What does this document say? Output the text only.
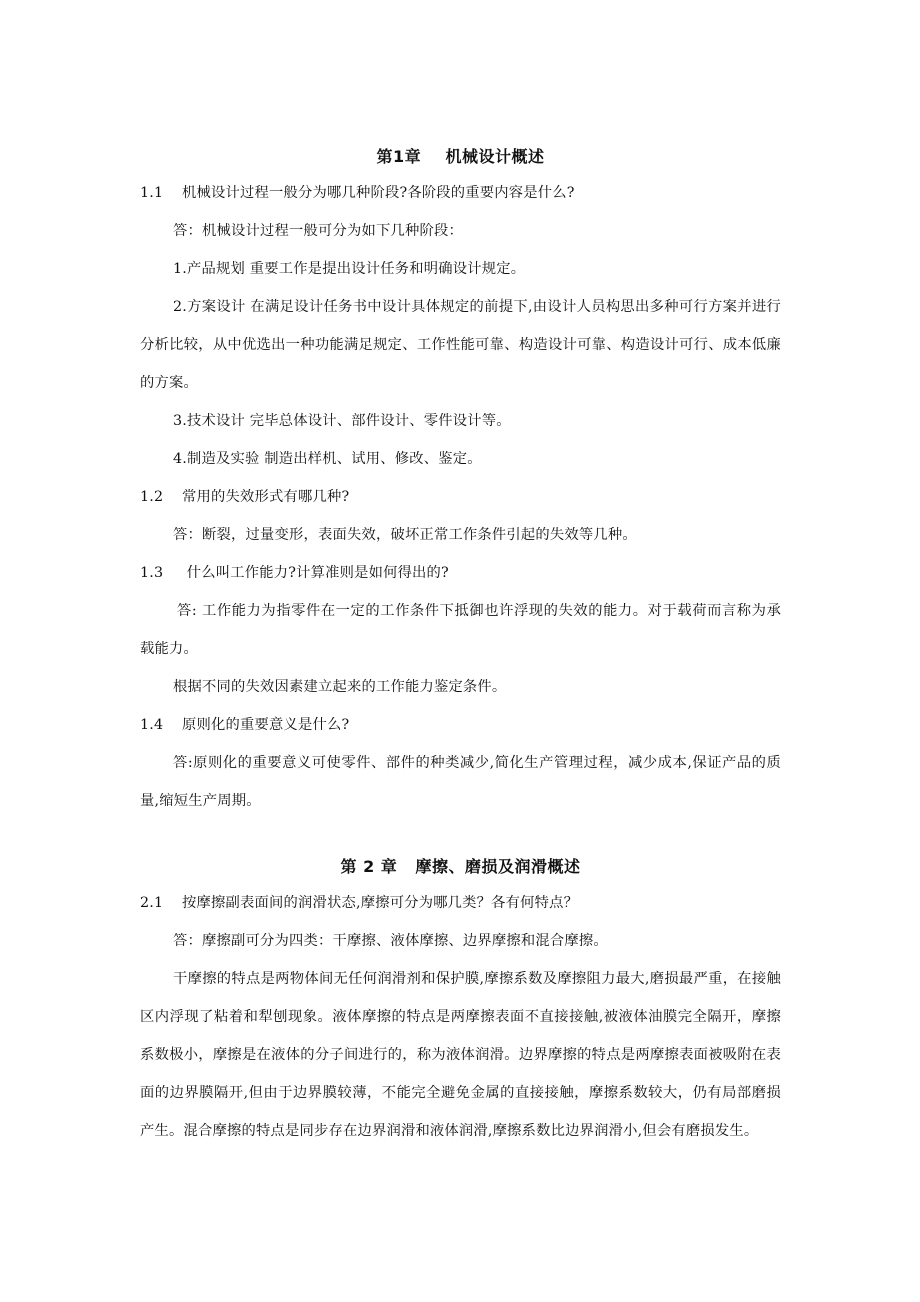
第1章    机械设计概述
1.1 机械设计过程一般分为哪几种阶段?各阶段的重要内容是什么?
答：机械设计过程一般可分为如下几种阶段：
1.产品规划 重要工作是提出设计任务和明确设计规定。
2.方案设计 在满足设计任务书中设计具体规定的前提下,由设计人员构思出多种可行方案并进行分析比较，从中优选出一种功能满足规定、工作性能可靠、构造设计可靠、构造设计可行、成本低廉的方案。
3.技术设计 完毕总体设计、部件设计、零件设计等。
4.制造及实验 制造出样机、试用、修改、鉴定。
1.2 常用的失效形式有哪几种?
答：断裂，过量变形，表面失效，破坏正常工作条件引起的失效等几种。
1.3 什么叫工作能力?计算准则是如何得出的?
答: 工作能力为指零件在一定的工作条件下抵御也许浮现的失效的能力。对于载荷而言称为承载能力。
根据不同的失效因素建立起来的工作能力鉴定条件。
1.4 原则化的重要意义是什么?
答:原则化的重要意义可使零件、部件的种类减少,简化生产管理过程，减少成本,保证产品的质量,缩短生产周期。
第 2 章   摩擦、磨损及润滑概述
2.1 按摩擦副表面间的润滑状态,摩擦可分为哪几类？各有何特点？
答：摩擦副可分为四类：干摩擦、液体摩擦、边界摩擦和混合摩擦。
干摩擦的特点是两物体间无任何润滑剂和保护膜,摩擦系数及摩擦阻力最大,磨损最严重，在接触区内浮现了粘着和犁刨现象。液体摩擦的特点是两摩擦表面不直接接触,被液体油膜完全隔开，摩擦系数极小，摩擦是在液体的分子间进行的，称为液体润滑。边界摩擦的特点是两摩擦表面被吸附在表面的边界膜隔开,但由于边界膜较薄，不能完全避免金属的直接接触，摩擦系数较大，仍有局部磨损产生。混合摩擦的特点是同步存在边界润滑和液体润滑,摩擦系数比边界润滑小,但会有磨损发生。
